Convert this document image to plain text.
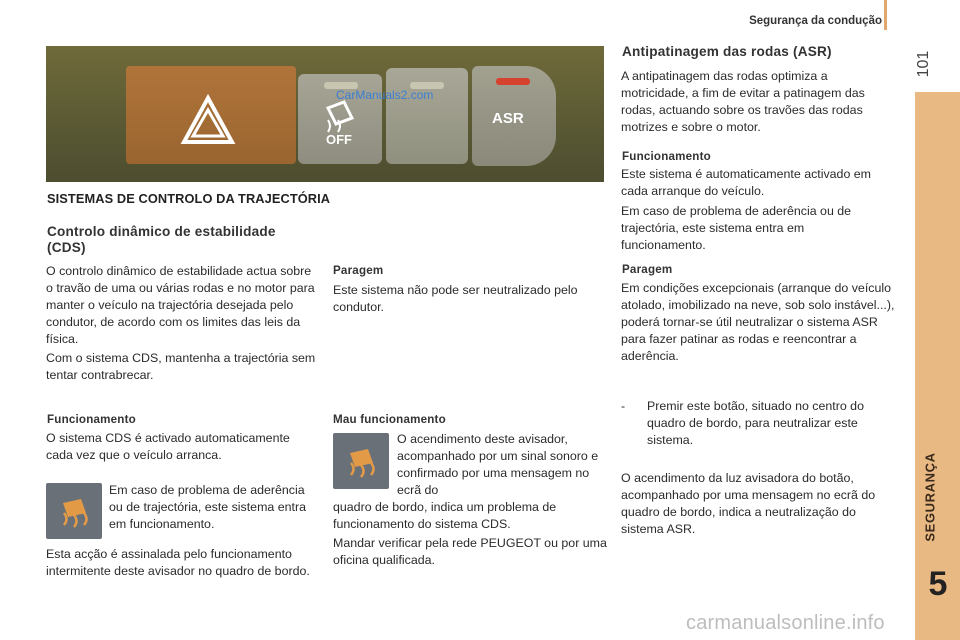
Segurança da condução
101
SEGURANÇA
5
OFF
ASR
CarManuals2.com
SISTEMAS DE CONTROLO DA TRAJECTÓRIA
Controlo dinâmico de estabilidade (CDS)

O controlo dinâmico de estabilidade actua sobre o travão de uma ou várias rodas e no motor para manter o veículo na trajectória desejada pelo condutor, de acordo com os limites das leis da física.

Com o sistema CDS, mantenha a trajectória sem tentar contrabrecar.

Funcionamento

O sistema CDS é activado automaticamente cada vez que o veículo arranca.

Em caso de problema de aderência ou de trajectória, este sistema entra em funcionamento.

Esta acção é assinalada pelo funcionamento intermitente deste avisador no quadro de bordo.

Paragem

Este sistema não pode ser neutralizado pelo condutor.

Mau funcionamento

O acendimento deste avisador, acompanhado por um sinal sonoro e confirmado por uma mensagem no ecrã do

quadro de bordo, indica um problema de funcionamento do sistema CDS.

Mandar verificar pela rede PEUGEOT ou por uma oficina qualificada.

Antipatinagem das rodas (ASR)

A antipatinagem das rodas optimiza a motricidade, a fim de evitar a patinagem das rodas, actuando sobre os travões das rodas motrizes e sobre o motor.

Funcionamento

Este sistema é automaticamente activado em cada arranque do veículo.

Em caso de problema de aderência ou de trajectória, este sistema entra em funcionamento.

Paragem

Em condições excepcionais (arranque do veículo atolado, imobilizado na neve, sob solo instável...), poderá tornar-se útil neutralizar o sistema ASR para fazer patinar as rodas e reencontrar a aderência.

- Premir este botão, situado no centro do quadro de bordo, para neutralizar este sistema.

O acendimento da luz avisadora do botão, acompanhado por uma mensagem no ecrã do quadro de bordo, indica a neutralização do sistema ASR.

carmanualsonline.info
